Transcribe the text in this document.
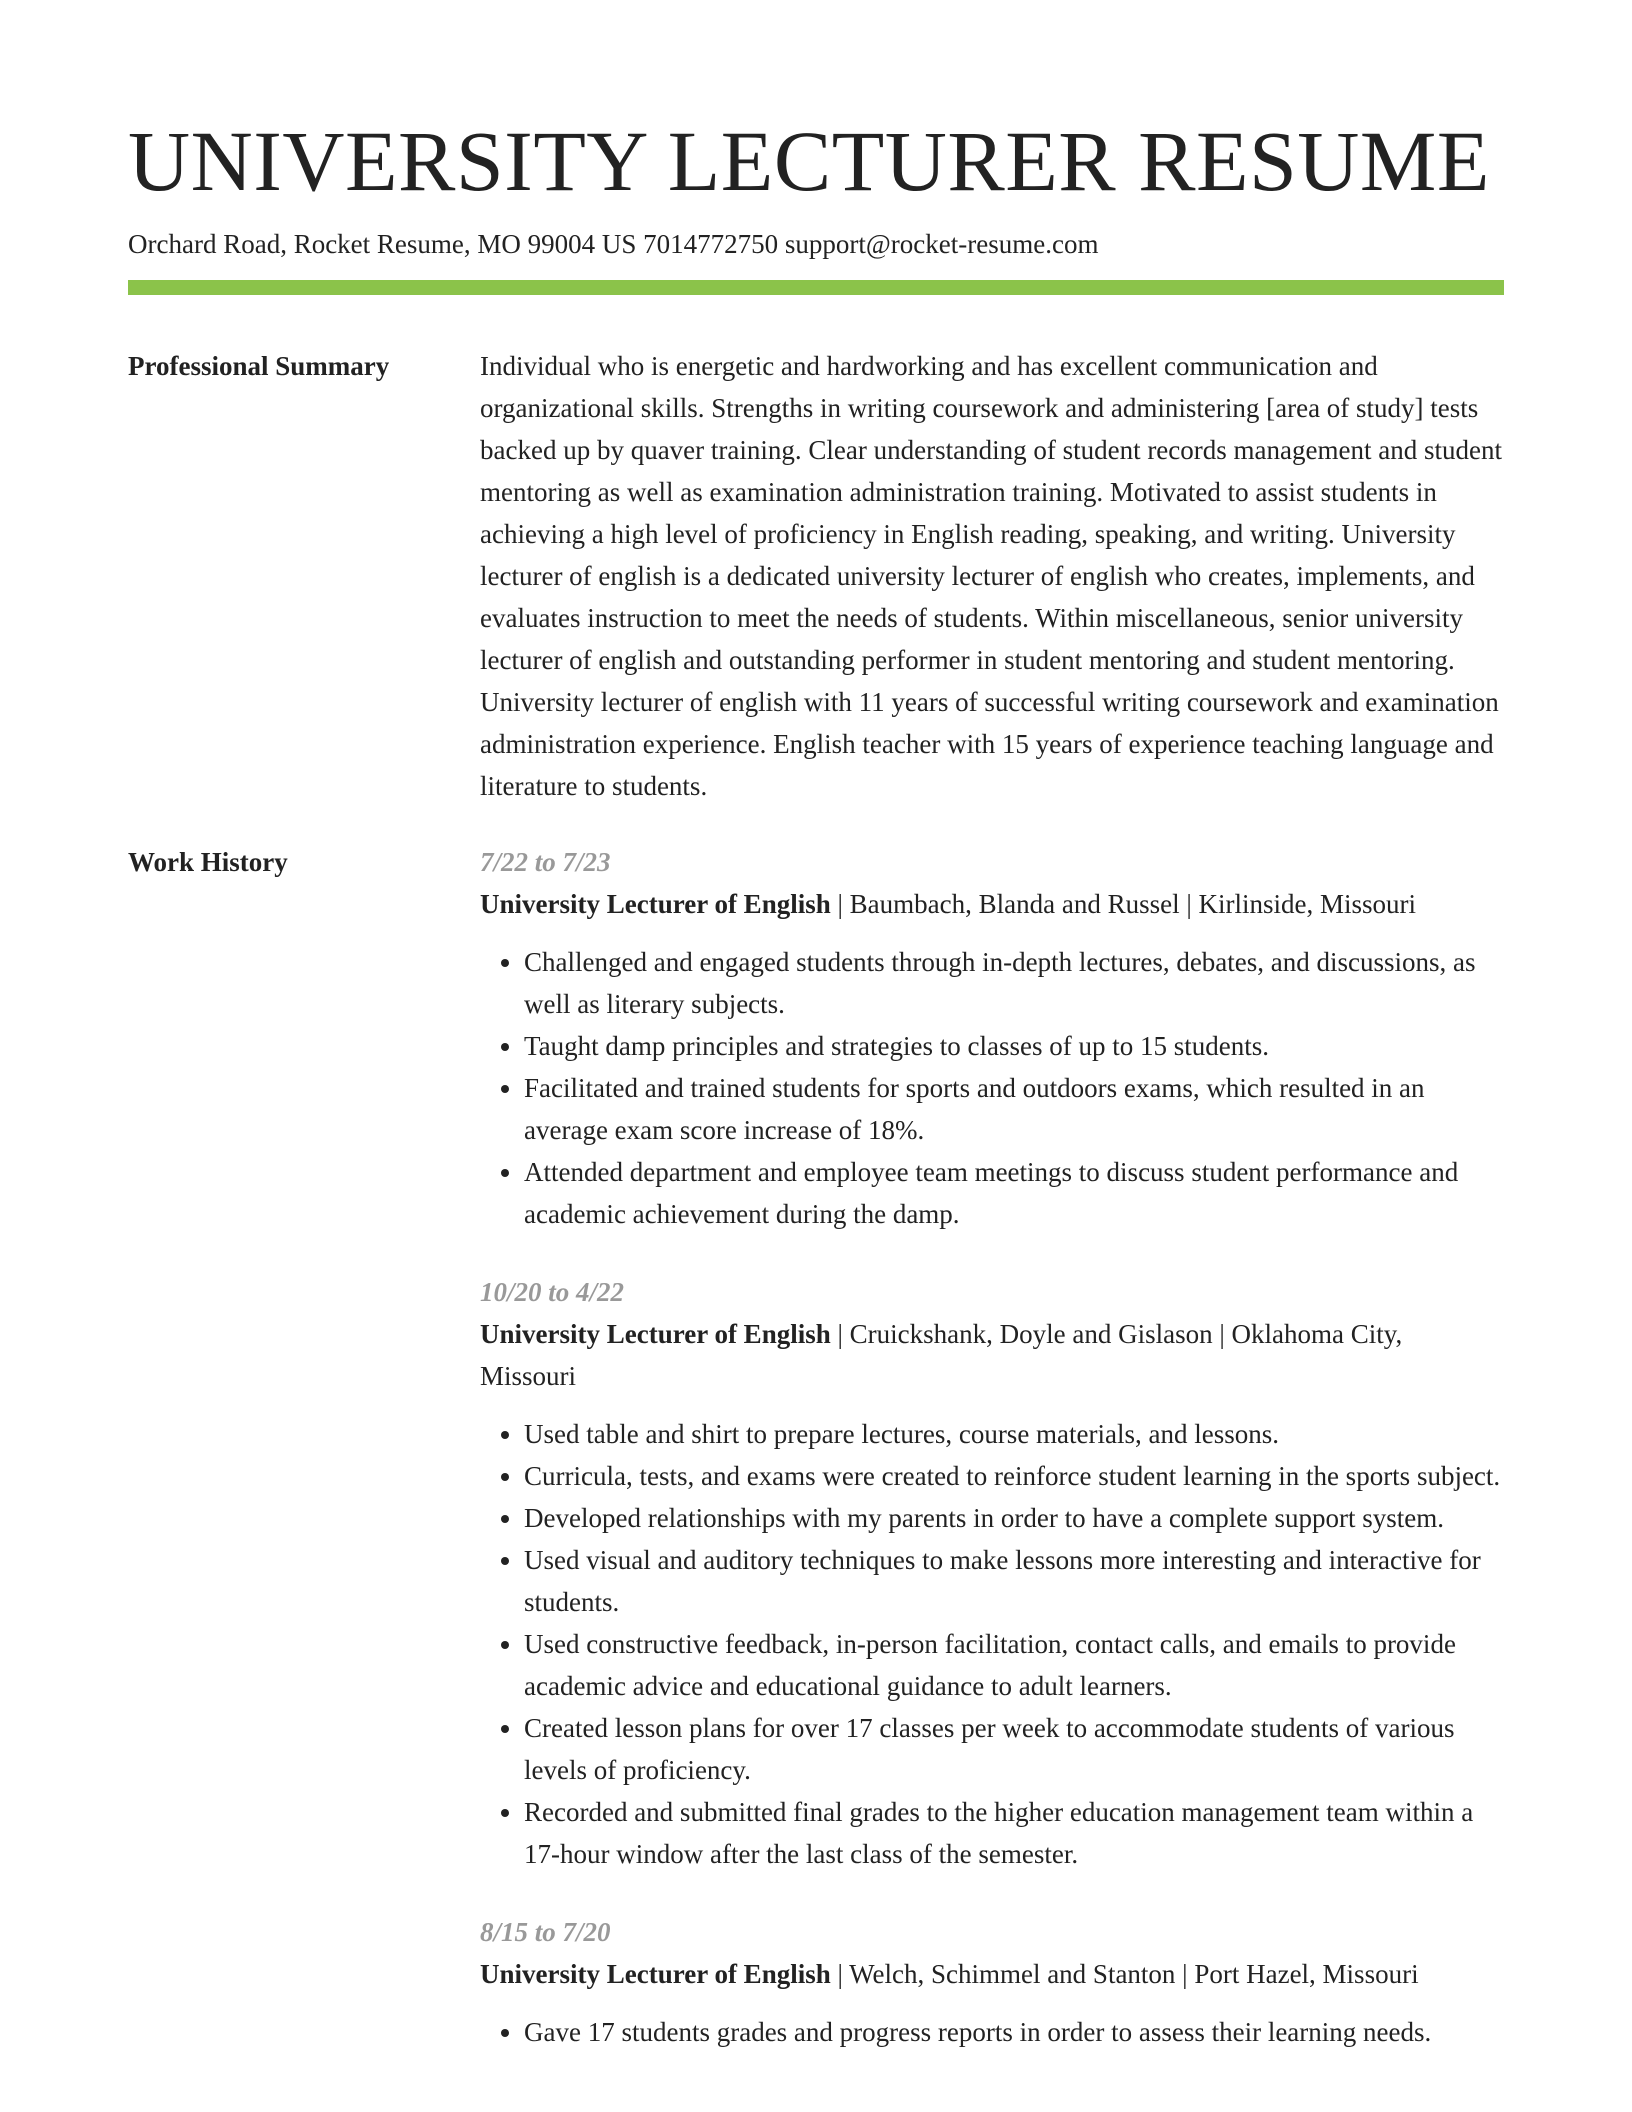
UNIVERSITY LECTURER RESUME
Orchard Road, Rocket Resume, MO 99004 US 7014772750 support@rocket-resume.com
Professional Summary	Individual who is energetic and hardworking and has excellent communication and organizational skills. Strengths in writing coursework and administering [area of study] tests backed up by quaver training. Clear understanding of student records management and student mentoring as well as examination administration training. Motivated to assist students in achieving a high level of proficiency in English reading, speaking, and writing. University lecturer of english is a dedicated university lecturer of english who creates, implements, and evaluates instruction to meet the needs of students. Within miscellaneous, senior university lecturer of english and outstanding performer in student mentoring and student mentoring. University lecturer of english with 11 years of successful writing coursework and examination administration experience. English teacher with 15 years of experience teaching language and literature to students.

Work History	7/22 to 7/23
University Lecturer of English | Baumbach, Blanda and Russel | Kirlinside, Missouri
• Challenged and engaged students through in-depth lectures, debates, and discussions, as well as literary subjects.
• Taught damp principles and strategies to classes of up to 15 students.
• Facilitated and trained students for sports and outdoors exams, which resulted in an average exam score increase of 18%.
• Attended department and employee team meetings to discuss student performance and academic achievement during the damp.
10/20 to 4/22
University Lecturer of English | Cruickshank, Doyle and Gislason | Oklahoma City, Missouri
• Used table and shirt to prepare lectures, course materials, and lessons.
• Curricula, tests, and exams were created to reinforce student learning in the sports subject.
• Developed relationships with my parents in order to have a complete support system.
• Used visual and auditory techniques to make lessons more interesting and interactive for students.
• Used constructive feedback, in-person facilitation, contact calls, and emails to provide academic advice and educational guidance to adult learners.
• Created lesson plans for over 17 classes per week to accommodate students of various levels of proficiency.
• Recorded and submitted final grades to the higher education management team within a 17-hour window after the last class of the semester.
8/15 to 7/20
University Lecturer of English | Welch, Schimmel and Stanton | Port Hazel, Missouri
• Gave 17 students grades and progress reports in order to assess their learning needs.
